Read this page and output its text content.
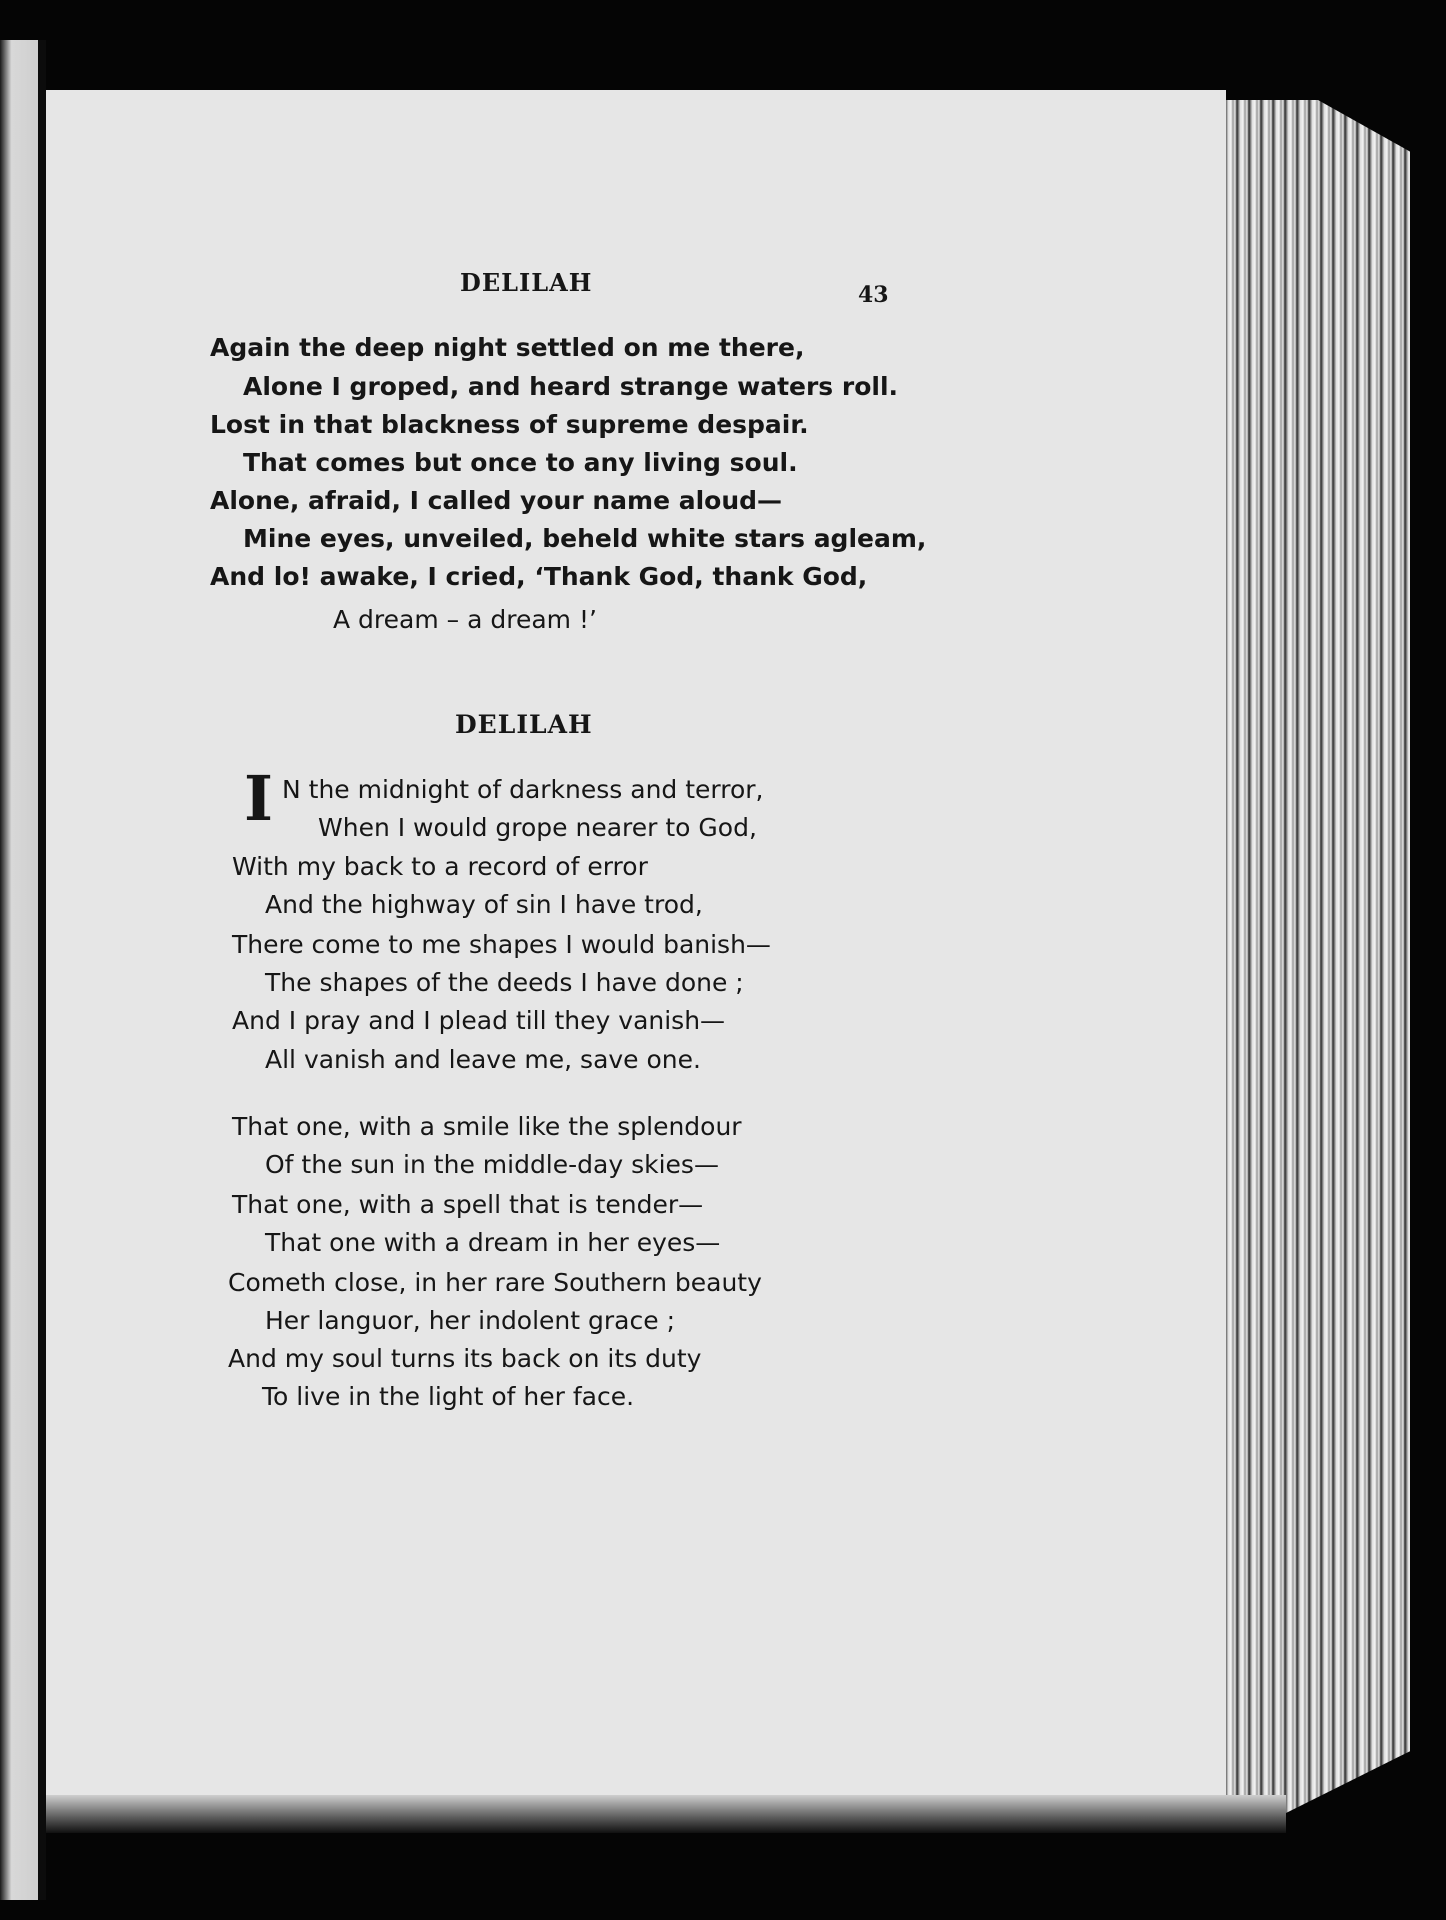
DELILAH	43
Again the deep night settled on me there,
Alone I groped, and heard strange waters roll.
Lost in that blackness of supreme despair.
That comes but once to any living soul.
Alone, afraid, I called your name aloud—
Mine eyes, unveiled, beheld white stars agleam,
And lo! awake, I cried, ‘Thank God, thank God,
A dream – a dream !’
DELILAH
I N the midnight of darkness and terror,
When I would grope nearer to God,
With my back to a record of error
And the highway of sin I have trod,
There come to me shapes I would banish—
The shapes of the deeds I have done ;
And I pray and I plead till they vanish—
All vanish and leave me, save one.
That one, with a smile like the splendour
Of the sun in the middle-day skies—
That one, with a spell that is tender—
That one with a dream in her eyes—
Cometh close, in her rare Southern beauty
Her languor, her indolent grace ;
And my soul turns its back on its duty
To live in the light of her face.
